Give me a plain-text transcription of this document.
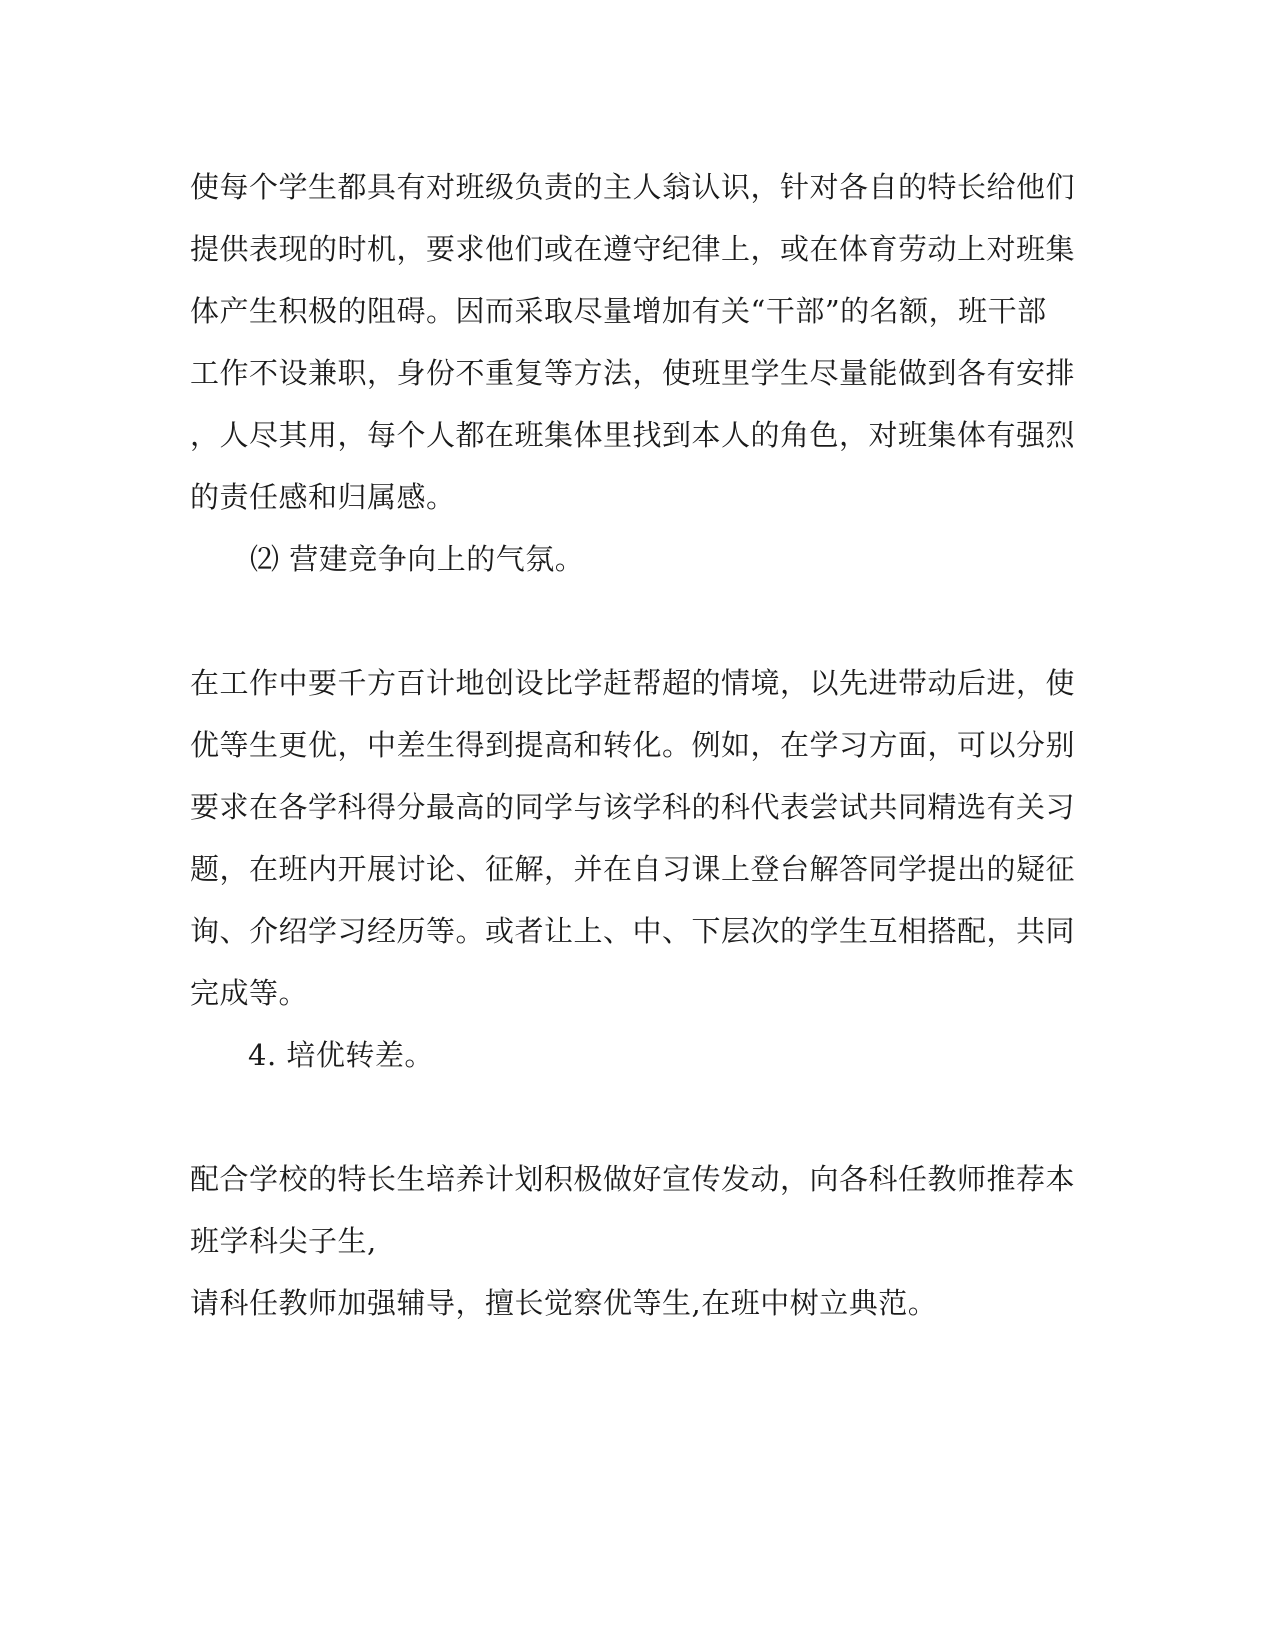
使每个学生都具有对班级负责的主人翁认识，针对各自的特长给他们
提供表现的时机，要求他们或在遵守纪律上，或在体育劳动上对班集
体产生积极的阻碍。因而采取尽量增加有关“干部”的名额，班干部
工作不设兼职，身份不重复等方法，使班里学生尽量能做到各有安排
，人尽其用，每个人都在班集体里找到本人的角色，对班集体有强烈
的责任感和归属感。
⑵ 营建竞争向上的气氛。
在工作中要千方百计地创设比学赶帮超的情境，以先进带动后进，使
优等生更优，中差生得到提高和转化。例如，在学习方面，可以分别
要求在各学科得分最高的同学与该学科的科代表尝试共同精选有关习
题，在班内开展讨论、征解，并在自习课上登台解答同学提出的疑征
询、介绍学习经历等。或者让上、中、下层次的学生互相搭配，共同
完成等。
4. 培优转差。
配合学校的特长生培养计划积极做好宣传发动，向各科任教师推荐本
班学科尖子生,
请科任教师加强辅导，擅长觉察优等生,在班中树立典范。
